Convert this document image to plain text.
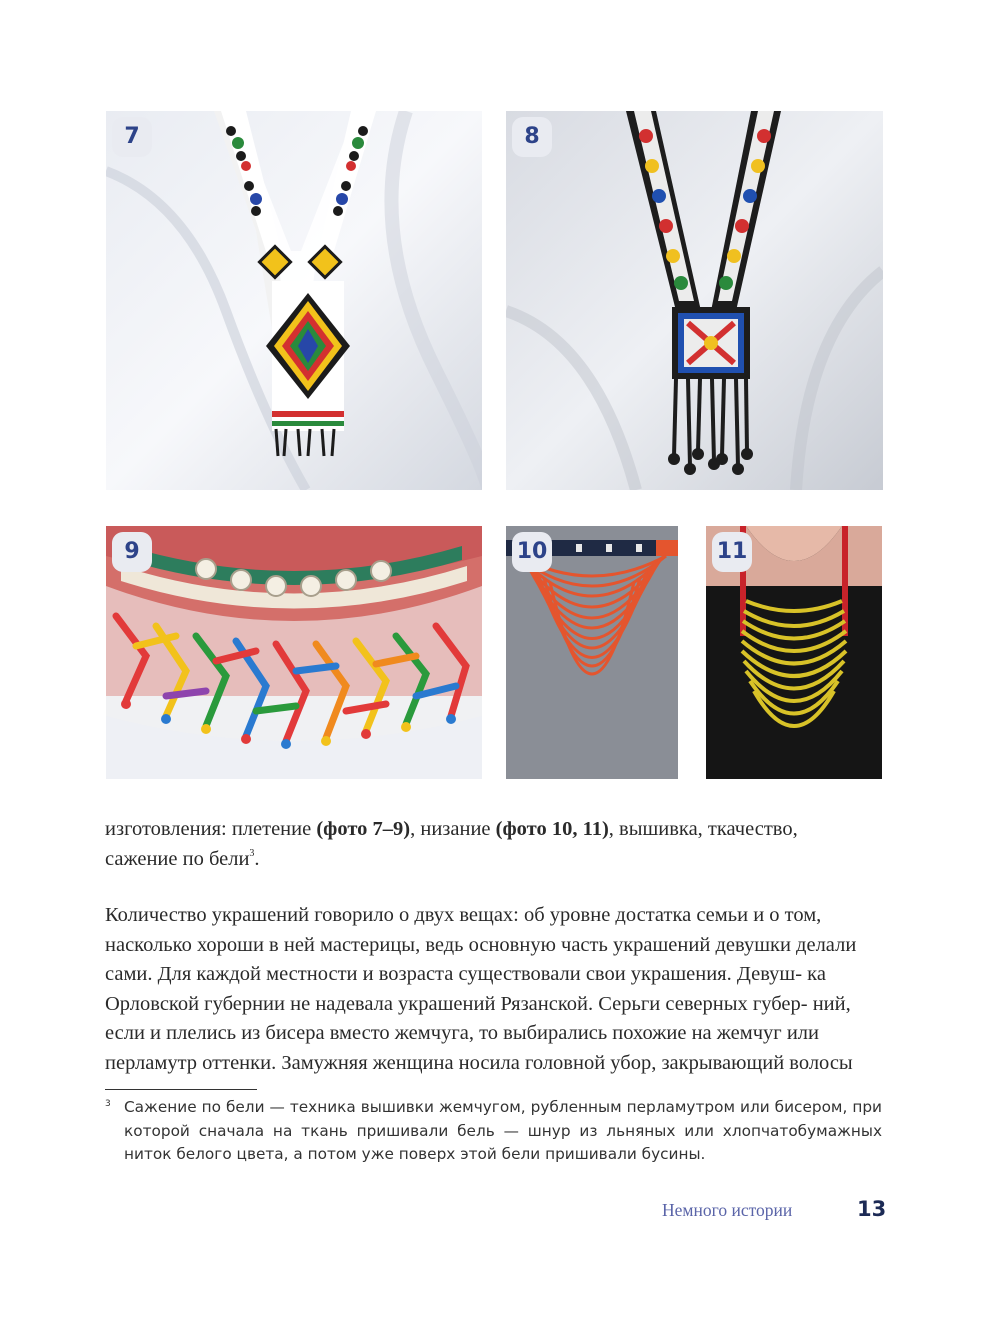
7	8
9	10	11
изготовления: плетение (фото 7–9), низание (фото 10, 11), вышивка, ткачество,
сажение по бели$^3$.
Количество украшений говорило о двух вещах: об уровне достатка семьи и о том, насколько хороши в ней мастерицы, ведь основную часть украшений девушки делали сами. Для каждой местности и возраста существовали свои украшения. Девуш- ка Орловской губернии не надевала украшений Рязанской. Серьги северных губер- ний, если и плелись из бисера вместо жемчуга, то выбирались похожие на жемчуг или перламутр оттенки. Замужняя женщина носила головной убор, закрывающий волосы
3 Сажение по бели — техника вышивки жемчугом, рубленным перламутром или бисером, при которой сначала на ткань пришивали бель — шнур из льняных или хлопчатобумажных ниток белого цвета, а потом уже поверх этой бели пришивали бусины.
Немного истории	13
